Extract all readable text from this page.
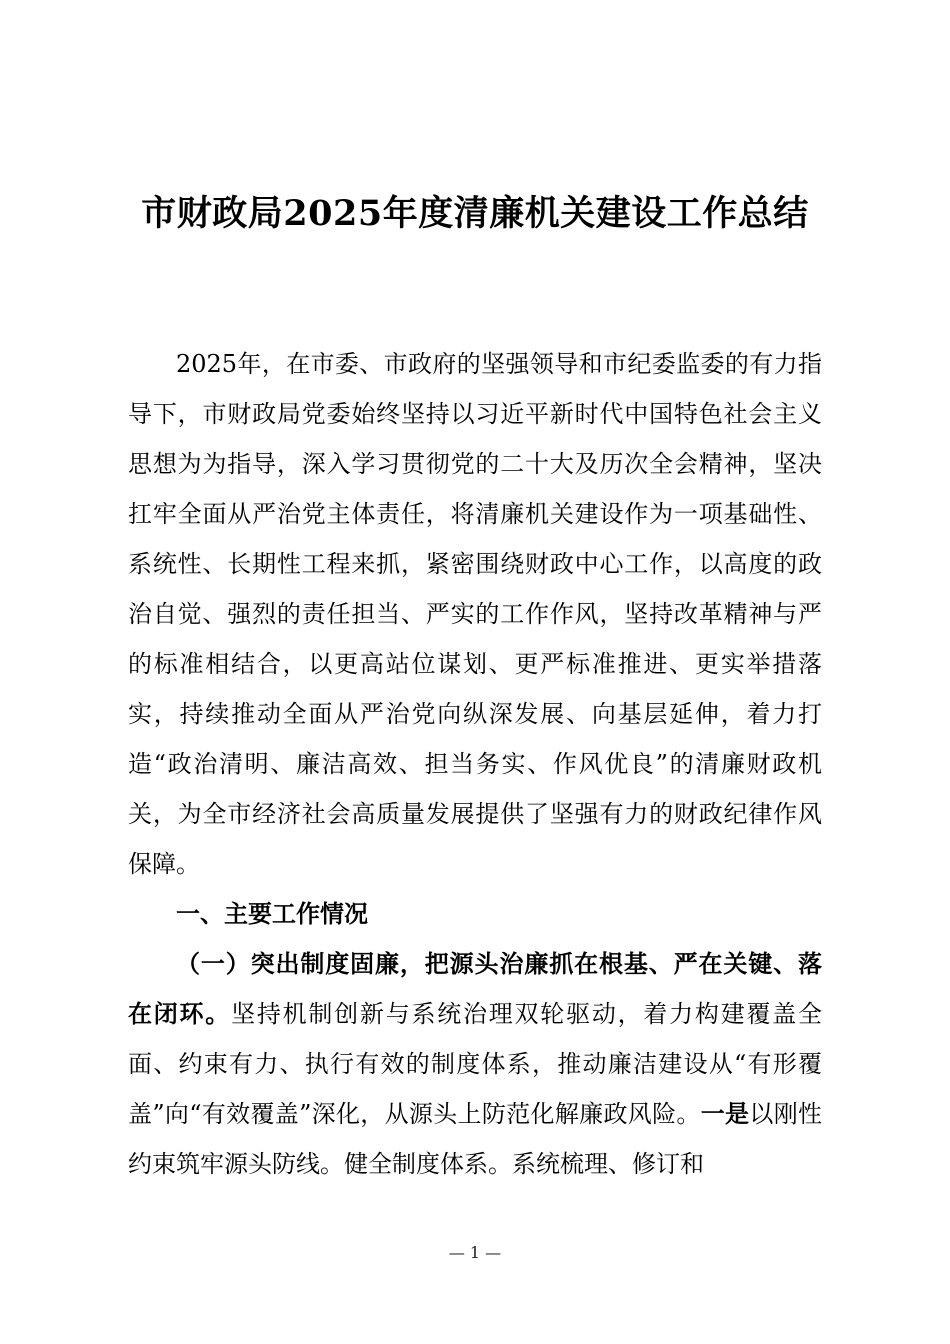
市财政局2025年度清廉机关建设工作总结

2025年，在市委、市政府的坚强领导和市纪委监委的有力指导下，市财政局党委始终坚持以习近平新时代中国特色社会主义思想为为指导，深入学习贯彻党的二十大及历次全会精神，坚决扛牢全面从严治党主体责任，将清廉机关建设作为一项基础性、系统性、长期性工程来抓，紧密围绕财政中心工作，以高度的政治自觉、强烈的责任担当、严实的工作作风，坚持改革精神与严的标准相结合，以更高站位谋划、更严标准推进、更实举措落实，持续推动全面从严治党向纵深发展、向基层延伸，着力打造“政治清明、廉洁高效、担当务实、作风优良”的清廉财政机关，为全市经济社会高质量发展提供了坚强有力的财政纪律作风保障。

一、主要工作情况

（一）突出制度固廉，把源头治廉抓在根基、严在关键、落在闭环。坚持机制创新与系统治理双轮驱动，着力构建覆盖全面、约束有力、执行有效的制度体系，推动廉洁建设从“有形覆盖”向“有效覆盖”深化，从源头上防范化解廉政风险。一是以刚性约束筑牢源头防线。健全制度体系。系统梳理、修订和

— 1 —
